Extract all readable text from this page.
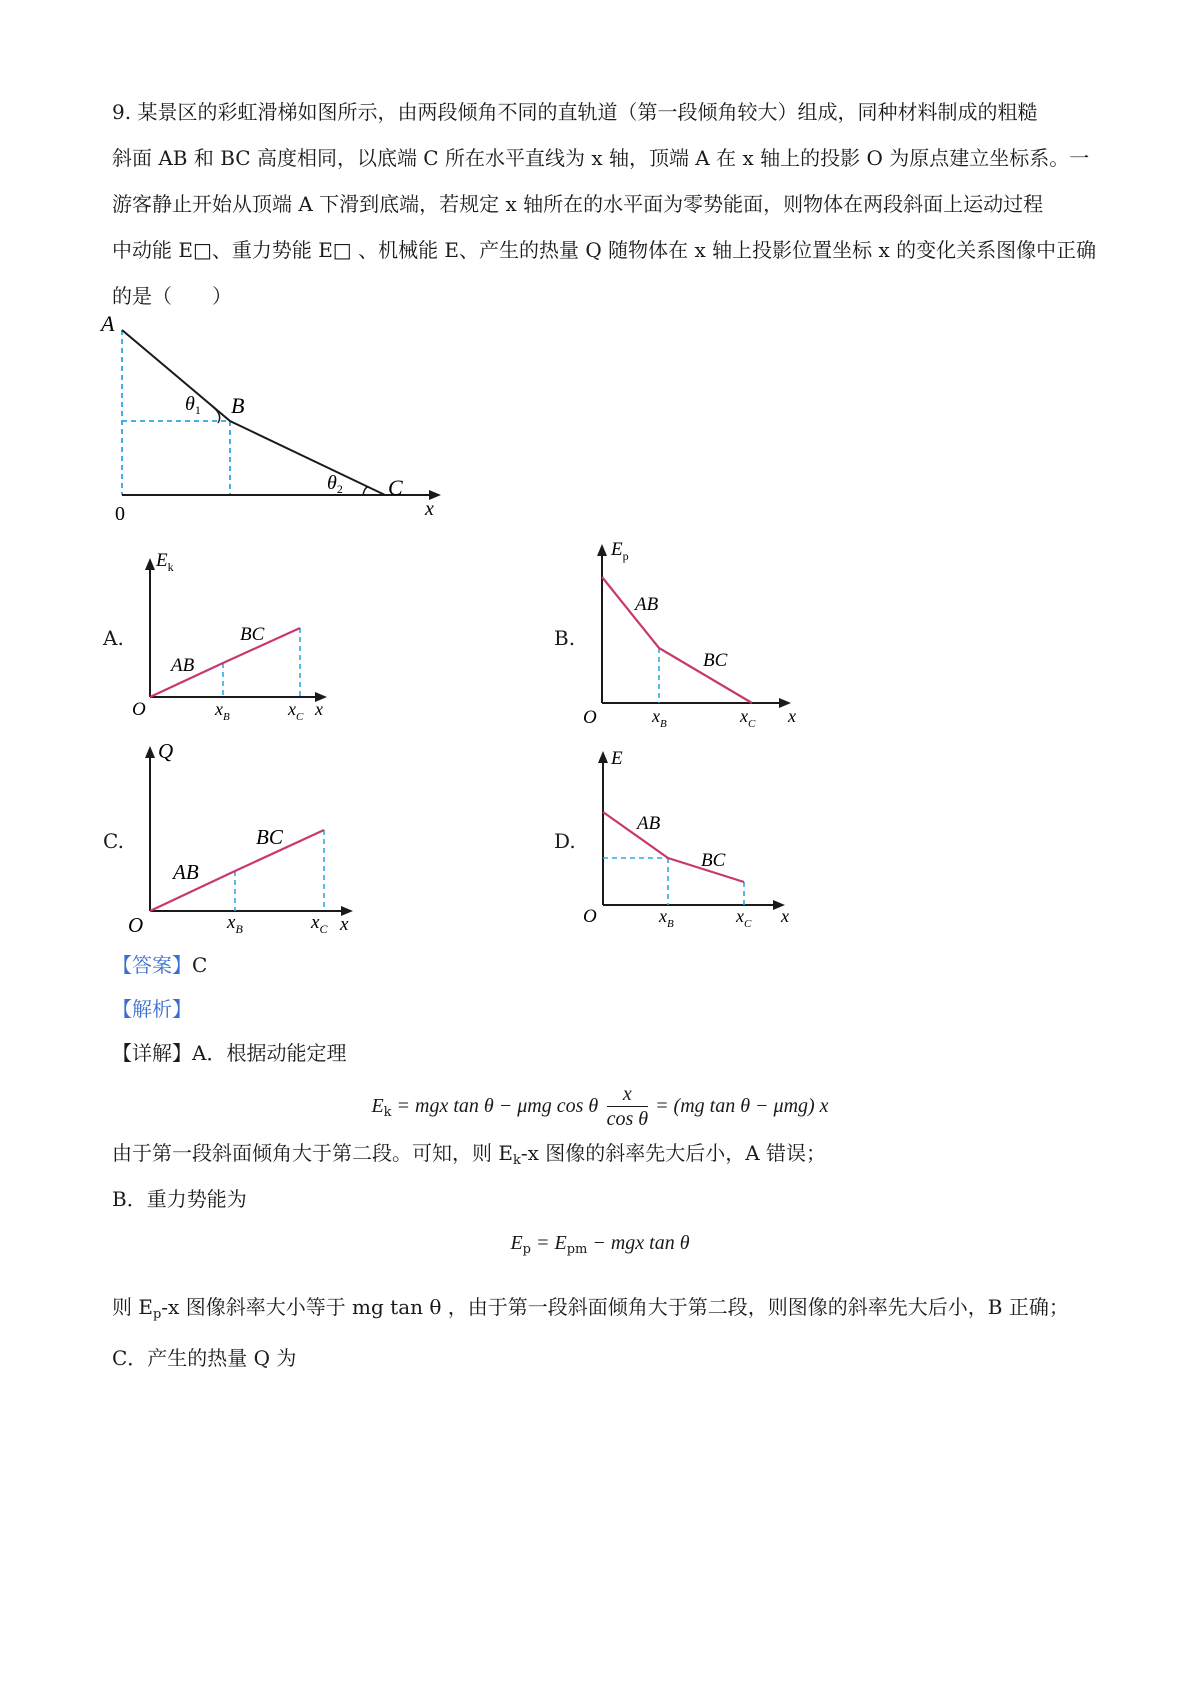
9. 某景区的彩虹滑梯如图所示，由两段倾角不同的直轨道（第一段倾角较大）组成，同种材料制成的粗糙
斜面 AB 和 BC 高度相同，以底端 C 所在水平直线为 x 轴，顶端 A 在 x 轴上的投影 O 为原点建立坐标系。一
游客静止开始从顶端 A 下滑到底端，若规定 x 轴所在的水平面为零势能面，则物体在两段斜面上运动过程
中动能 E□、重力势能 E□ 、机械能 E、产生的热量 Q 随物体在 x 轴上投影位置坐标 x 的变化关系图像中正确
的是（　　）
A
B
C
0	x
$\theta_1$
$\theta_2$
A.
$E_k$
AB
BC
O	$x_B$	$x_C$ x
B.
$E_p$
AB
BC
O	$x_B$	$x_C$ x
C.
Q
AB
BC
O	$x_B$	$x_C$ x
D.
E
AB
BC
O	$x_B$	$x_C$ x
【答案】C
【解析】
【详解】A．根据动能定理
$E_k$ = mgx tan θ − μmg cos θ $\frac{x}{\text{cos θ}} = (mg$ tan θ − μmg) x
由于第一段斜面倾角大于第二段。可知，则 $E_k-x$ 图像的斜率先大后小，A 错误；
B．重力势能为
$E_p = E_{pm}$ − mgx tan θ
则 $E_p-x$ 图像斜率大小等于 mg tan θ ，由于第一段斜面倾角大于第二段，则图像的斜率先大后小，B 正确；
C．产生的热量 Q 为
